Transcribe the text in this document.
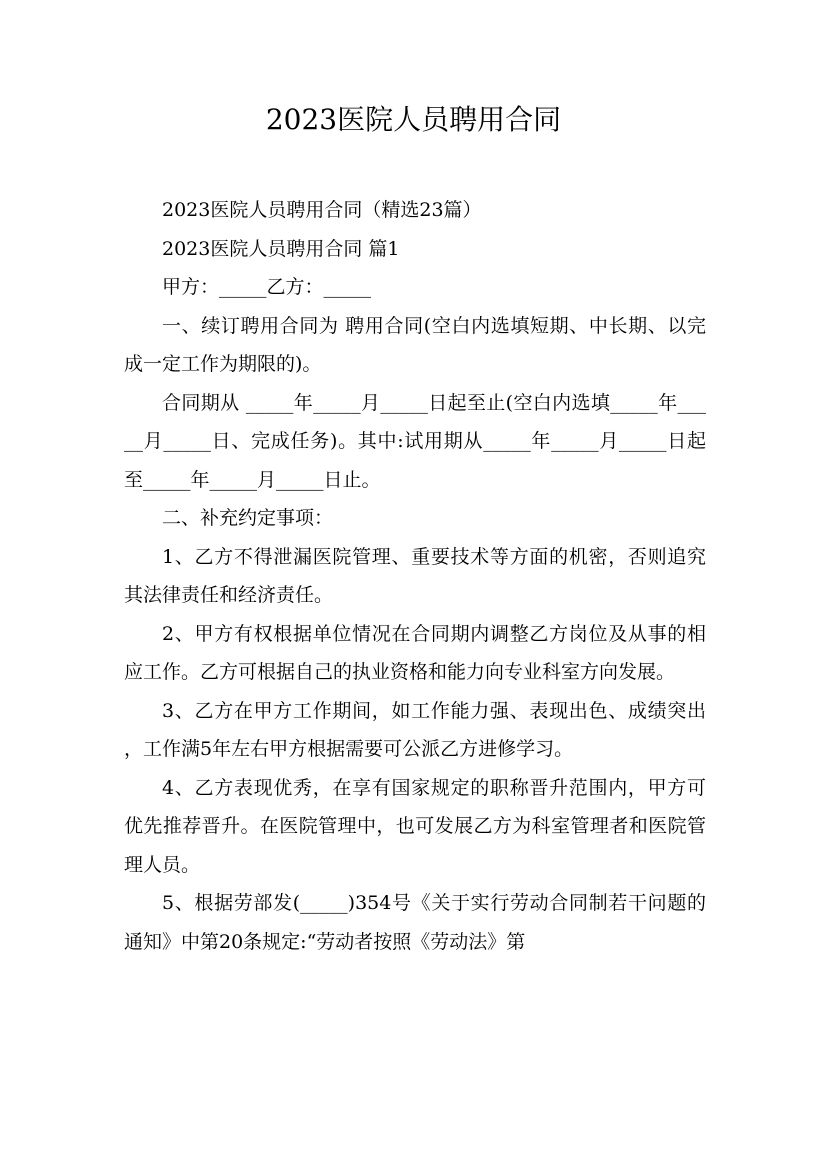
2023医院人员聘用合同

2023医院人员聘用合同（精选23篇）

2023医院人员聘用合同 篇1

甲方：_____乙方：_____

一、续订聘用合同为 聘用合同(空白内选填短期、中长期、以完成一定工作为期限的)。

合同期从 _____年_____月_____日起至止(空白内选填_____年_____月_____日、完成任务)。其中:试用期从_____年_____月_____日起至_____年_____月_____日止。

二、补充约定事项：

1、乙方不得泄漏医院管理、重要技术等方面的机密，否则追究其法律责任和经济责任。

2、甲方有权根据单位情况在合同期内调整乙方岗位及从事的相应工作。乙方可根据自己的执业资格和能力向专业科室方向发展。

3、乙方在甲方工作期间，如工作能力强、表现出色、成绩突出，工作满5年左右甲方根据需要可公派乙方进修学习。

4、乙方表现优秀，在享有国家规定的职称晋升范围内，甲方可优先推荐晋升。在医院管理中，也可发展乙方为科室管理者和医院管理人员。

5、根据劳部发(_____)354号《关于实行劳动合同制若干问题的通知》中第20条规定:“劳动者按照《劳动法》第
